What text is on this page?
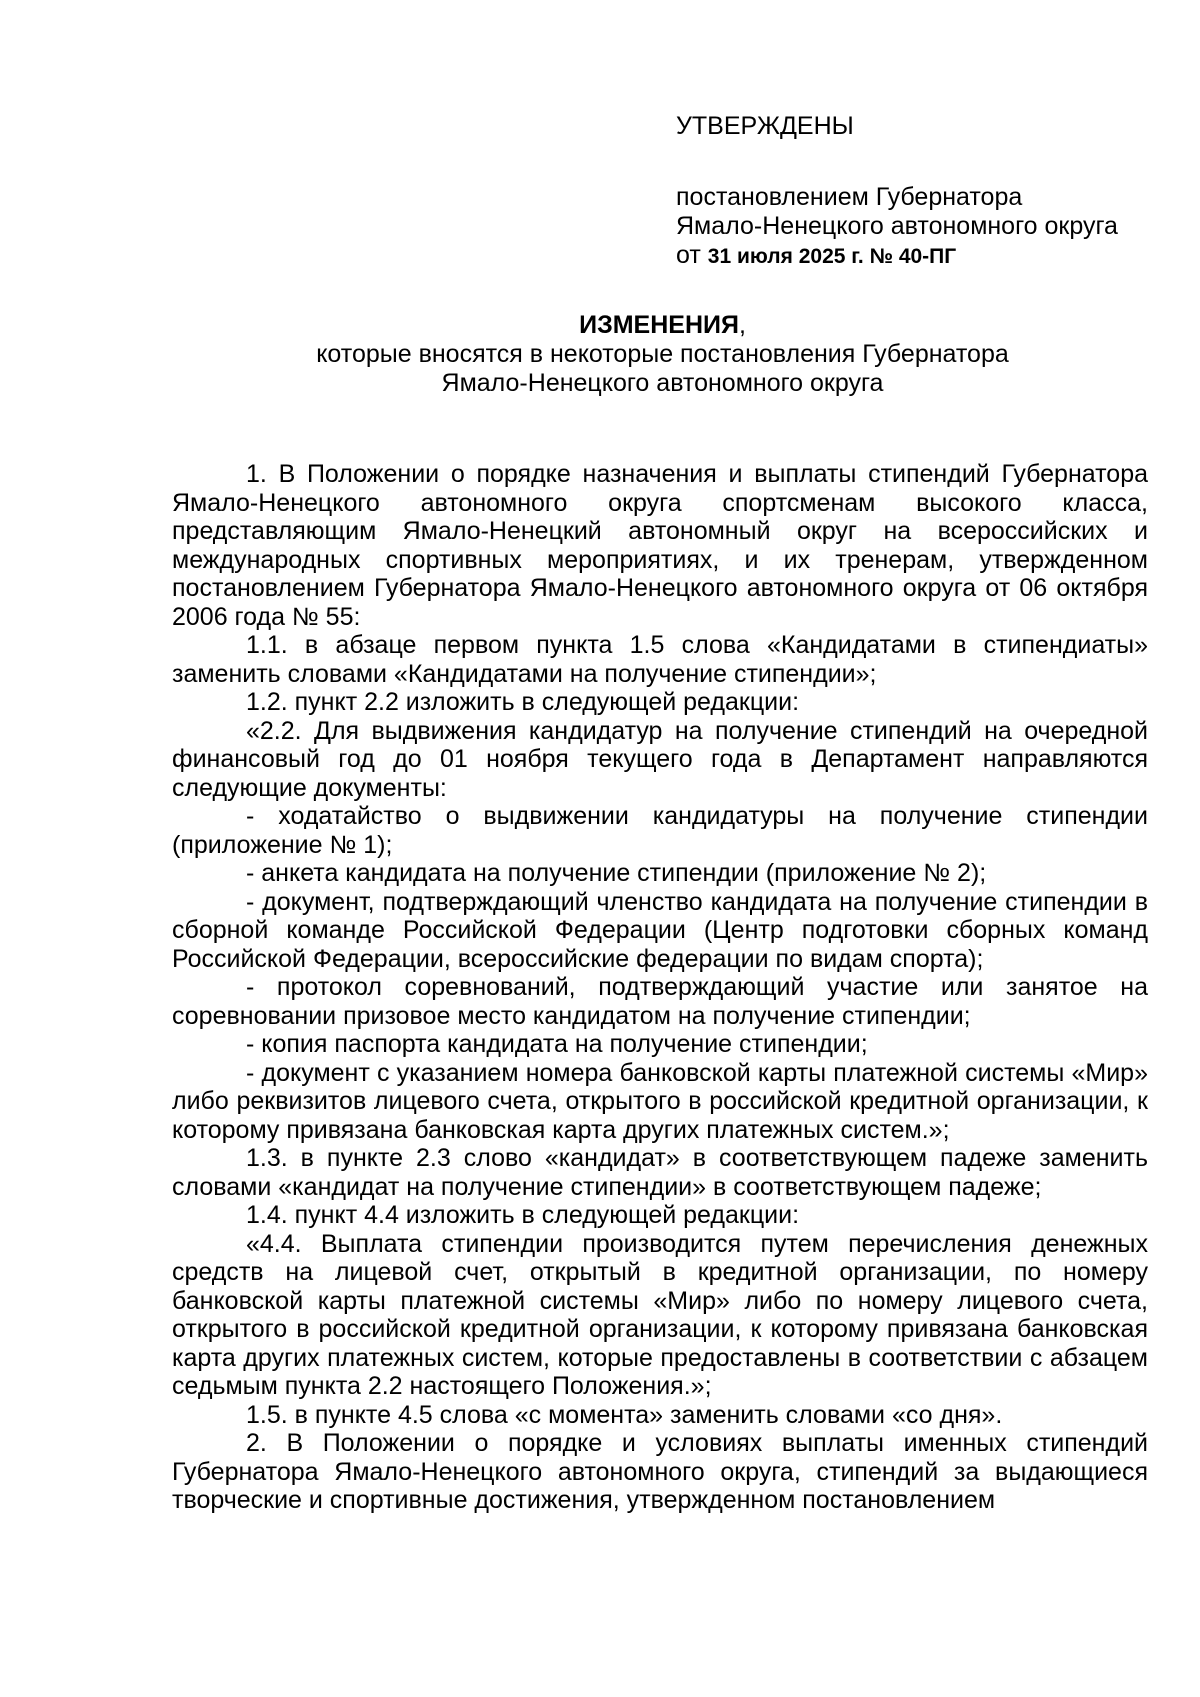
УТВЕРЖДЕНЫ
постановлением Губернатора
Ямало-Ненецкого автономного округа
от 31 июля 2025 г. № 40-ПГ
ИЗМЕНЕНИЯ,
которые вносятся в некоторые постановления Губернатора
Ямало-Ненецкого автономного округа

1. В Положении о порядке назначения и выплаты стипендий Губернатора Ямало-Ненецкого автономного округа спортсменам высокого класса, представляющим Ямало-Ненецкий автономный округ на всероссийских и международных спортивных мероприятиях, и их тренерам, утвержденном постановлением Губернатора Ямало-Ненецкого автономного округа от 06 октября 2006 года № 55:

1.1. в абзаце первом пункта 1.5 слова «Кандидатами в стипендиаты» заменить словами «Кандидатами на получение стипендии»;

1.2. пункт 2.2 изложить в следующей редакции:

«2.2. Для выдвижения кандидатур на получение стипендий на очередной финансовый год до 01 ноября текущего года в Департамент направляются следующие документы:

- ходатайство о выдвижении кандидатуры на получение стипендии (приложение № 1);

- анкета кандидата на получение стипендии (приложение № 2);

- документ, подтверждающий членство кандидата на получение стипендии в сборной команде Российской Федерации (Центр подготовки сборных команд Российской Федерации, всероссийские федерации по видам спорта);

- протокол соревнований, подтверждающий участие или занятое на соревновании призовое место кандидатом на получение стипендии;

- копия паспорта кандидата на получение стипендии;

- документ с указанием номера банковской карты платежной системы «Мир» либо реквизитов лицевого счета, открытого в российской кредитной организации, к которому привязана банковская карта других платежных систем.»;

1.3. в пункте 2.3 слово «кандидат» в соответствующем падеже заменить словами «кандидат на получение стипендии» в соответствующем падеже;

1.4. пункт 4.4 изложить в следующей редакции:

«4.4. Выплата стипендии производится путем перечисления денежных средств на лицевой счет, открытый в кредитной организации, по номеру банковской карты платежной системы «Мир» либо по номеру лицевого счета, открытого в российской кредитной организации, к которому привязана банковская карта других платежных систем, которые предоставлены в соответствии с абзацем седьмым пункта 2.2 настоящего Положения.»;

1.5. в пункте 4.5 слова «с момента» заменить словами «со дня».

2. В Положении о порядке и условиях выплаты именных стипендий Губернатора Ямало-Ненецкого автономного округа, стипендий за выдающиеся творческие и спортивные достижения, утвержденном постановлением
